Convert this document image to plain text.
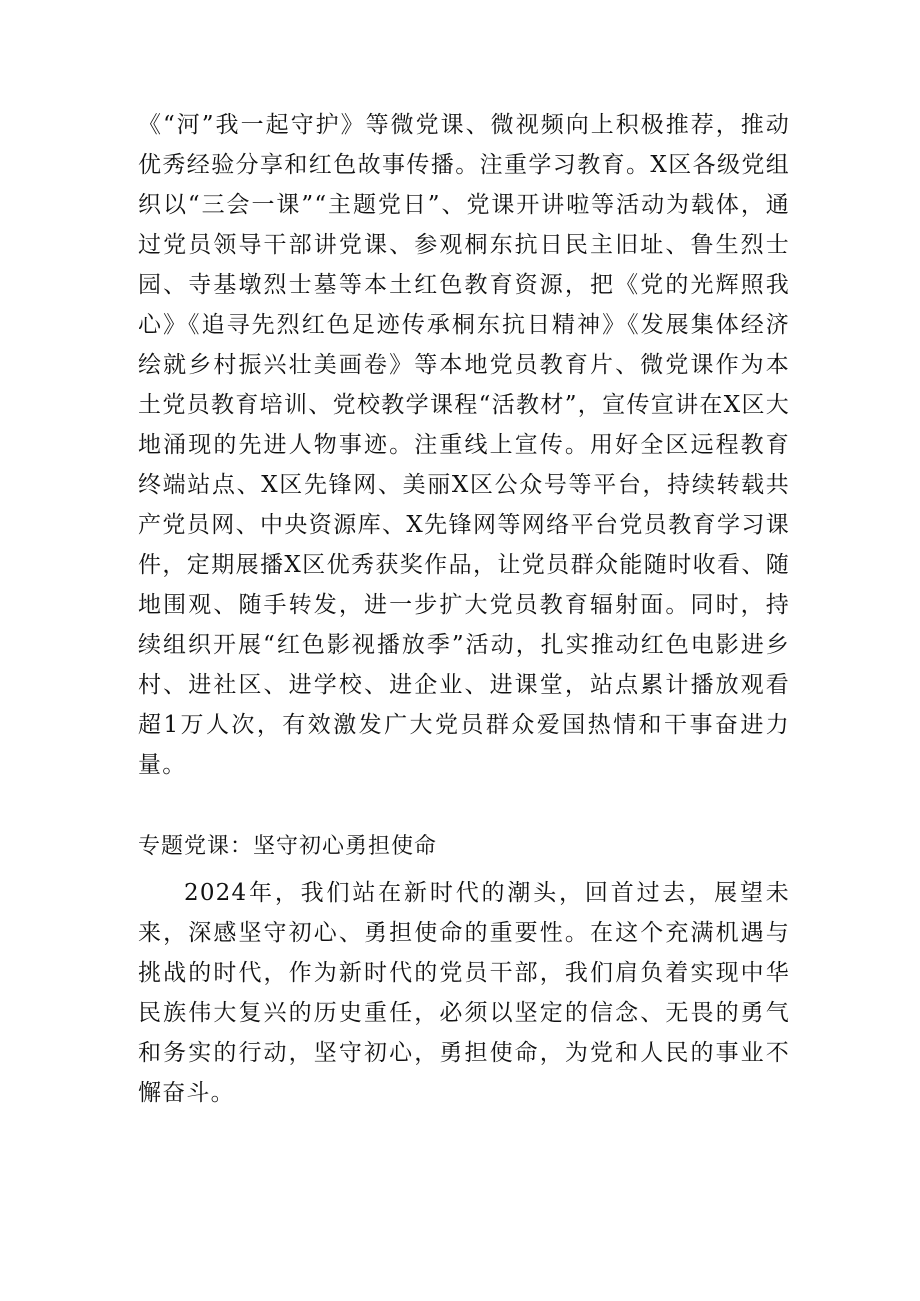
《“河”我一起守护》等微党课、微视频向上积极推荐，推动优秀经验分享和红色故事传播。注重学习教育。X区各级党组织以“三会一课”“主题党日”、党课开讲啦等活动为载体，通过党员领导干部讲党课、参观桐东抗日民主旧址、鲁生烈士园、寺基墩烈士墓等本土红色教育资源，把《党的光辉照我心》《追寻先烈红色足迹传承桐东抗日精神》《发展集体经济绘就乡村振兴壮美画卷》等本地党员教育片、微党课作为本土党员教育培训、党校教学课程“活教材”，宣传宣讲在X区大地涌现的先进人物事迹。注重线上宣传。用好全区远程教育终端站点、X区先锋网、美丽X区公众号等平台，持续转载共产党员网、中央资源库、X先锋网等网络平台党员教育学习课件，定期展播X区优秀获奖作品，让党员群众能随时收看、随地围观、随手转发，进一步扩大党员教育辐射面。同时，持续组织开展“红色影视播放季”活动，扎实推动红色电影进乡村、进社区、进学校、进企业、进课堂，站点累计播放观看超1万人次，有效激发广大党员群众爱国热情和干事奋进力量。

专题党课：坚守初心勇担使命

2024年，我们站在新时代的潮头，回首过去，展望未来，深感坚守初心、勇担使命的重要性。在这个充满机遇与挑战的时代，作为新时代的党员干部，我们肩负着实现中华民族伟大复兴的历史重任，必须以坚定的信念、无畏的勇气和务实的行动，坚守初心，勇担使命，为党和人民的事业不懈奋斗。
